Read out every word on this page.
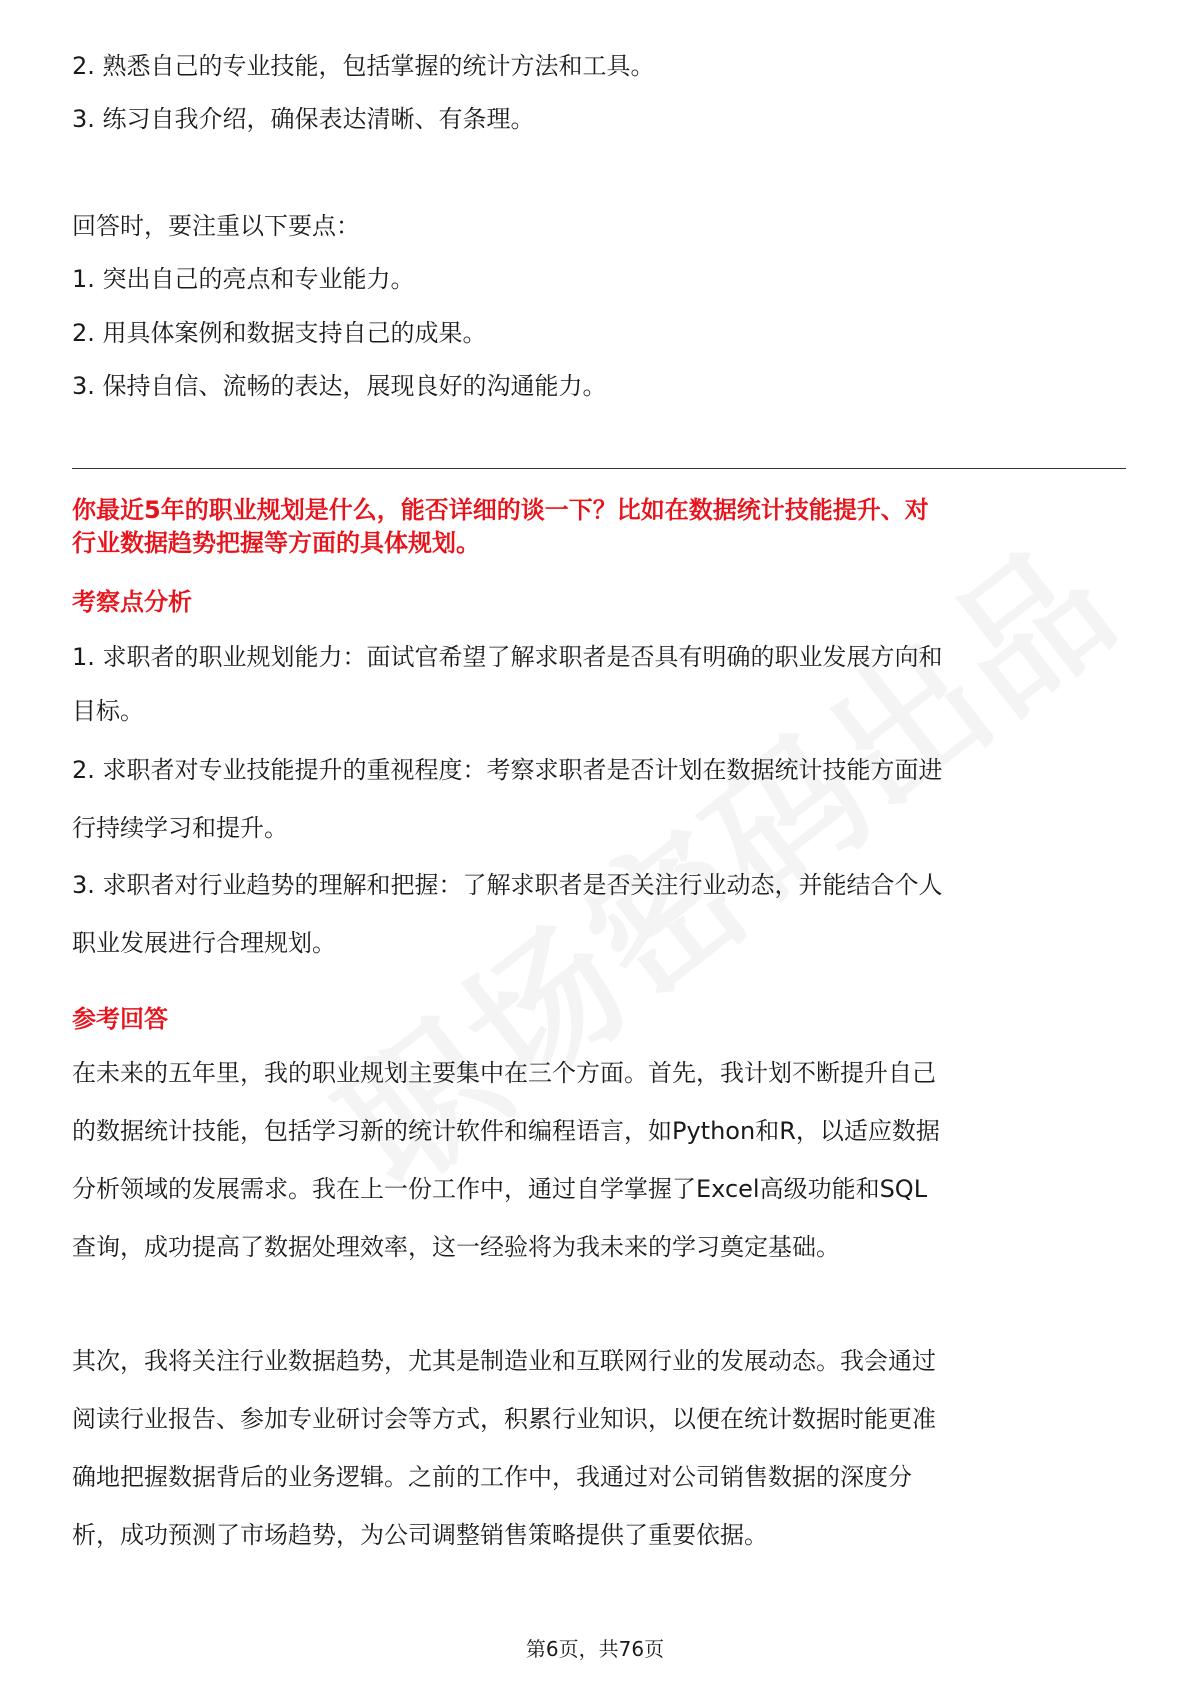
2. 熟悉自己的专业技能，包括掌握的统计方法和工具。
3. 练习自我介绍，确保表达清晰、有条理。
回答时，要注重以下要点：
1. 突出自己的亮点和专业能力。
2. 用具体案例和数据支持自己的成果。
3. 保持自信、流畅的表达，展现良好的沟通能力。
你最近5年的职业规划是什么，能否详细的谈一下？比如在数据统计技能提升、对
行业数据趋势把握等方面的具体规划。
考察点分析
1. 求职者的职业规划能力：面试官希望了解求职者是否具有明确的职业发展方向和
目标。
2. 求职者对专业技能提升的重视程度：考察求职者是否计划在数据统计技能方面进
行持续学习和提升。
3. 求职者对行业趋势的理解和把握：了解求职者是否关注行业动态，并能结合个人
职业发展进行合理规划。
参考回答
在未来的五年里，我的职业规划主要集中在三个方面。首先，我计划不断提升自己
的数据统计技能，包括学习新的统计软件和编程语言，如Python和R，以适应数据
分析领域的发展需求。我在上一份工作中，通过自学掌握了Excel高级功能和SQL
查询，成功提高了数据处理效率，这一经验将为我未来的学习奠定基础。
其次，我将关注行业数据趋势，尤其是制造业和互联网行业的发展动态。我会通过
阅读行业报告、参加专业研讨会等方式，积累行业知识，以便在统计数据时能更准
确地把握数据背后的业务逻辑。之前的工作中，我通过对公司销售数据的深度分
析，成功预测了市场趋势，为公司调整销售策略提供了重要依据。
第6页，共76页
